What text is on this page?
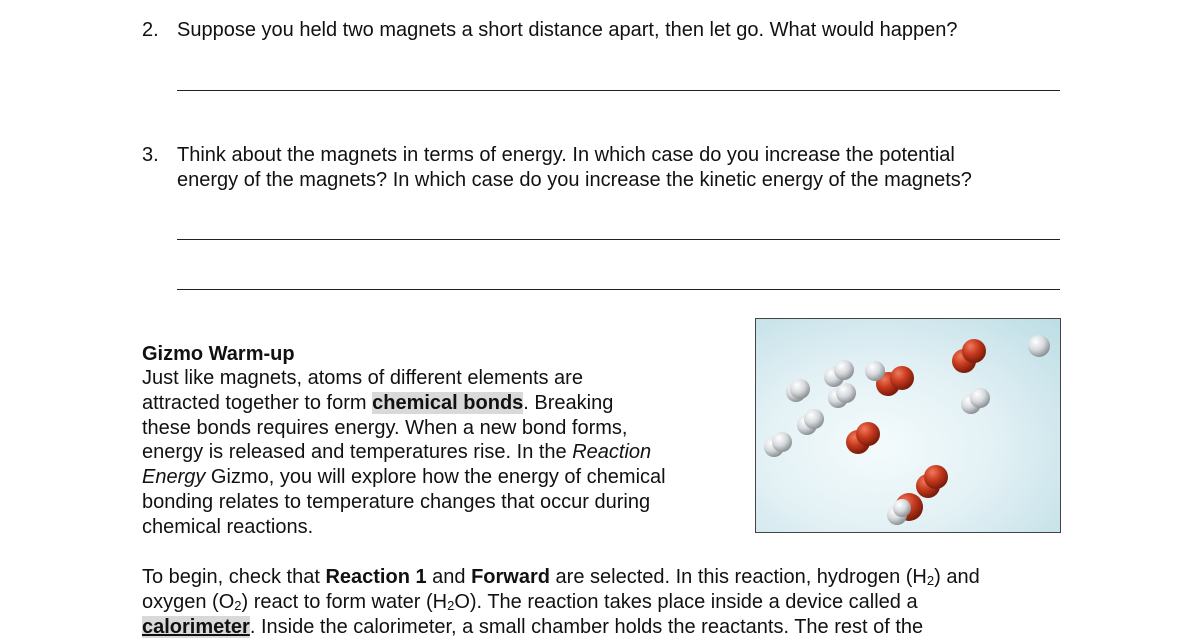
2. Suppose you held two magnets a short distance apart, then let go. What would happen?
3. Think about the magnets in terms of energy. In which case do you increase the potential
energy of the magnets? In which case do you increase the kinetic energy of the magnets?
Gizmo Warm-up
Just like magnets, atoms of different elements are
attracted together to form chemical bonds. Breaking
these bonds requires energy. When a new bond forms,
energy is released and temperatures rise. In the Reaction
Energy Gizmo, you will explore how the energy of chemical
bonding relates to temperature changes that occur during
chemical reactions.
To begin, check that Reaction 1 and Forward are selected. In this reaction, hydrogen $(H_2)$ and
oxygen $(O_2)$ react to form water $(H_2O)$. The reaction takes place inside a device called a
calorimeter. Inside the calorimeter, a small chamber holds the reactants. The rest of the
